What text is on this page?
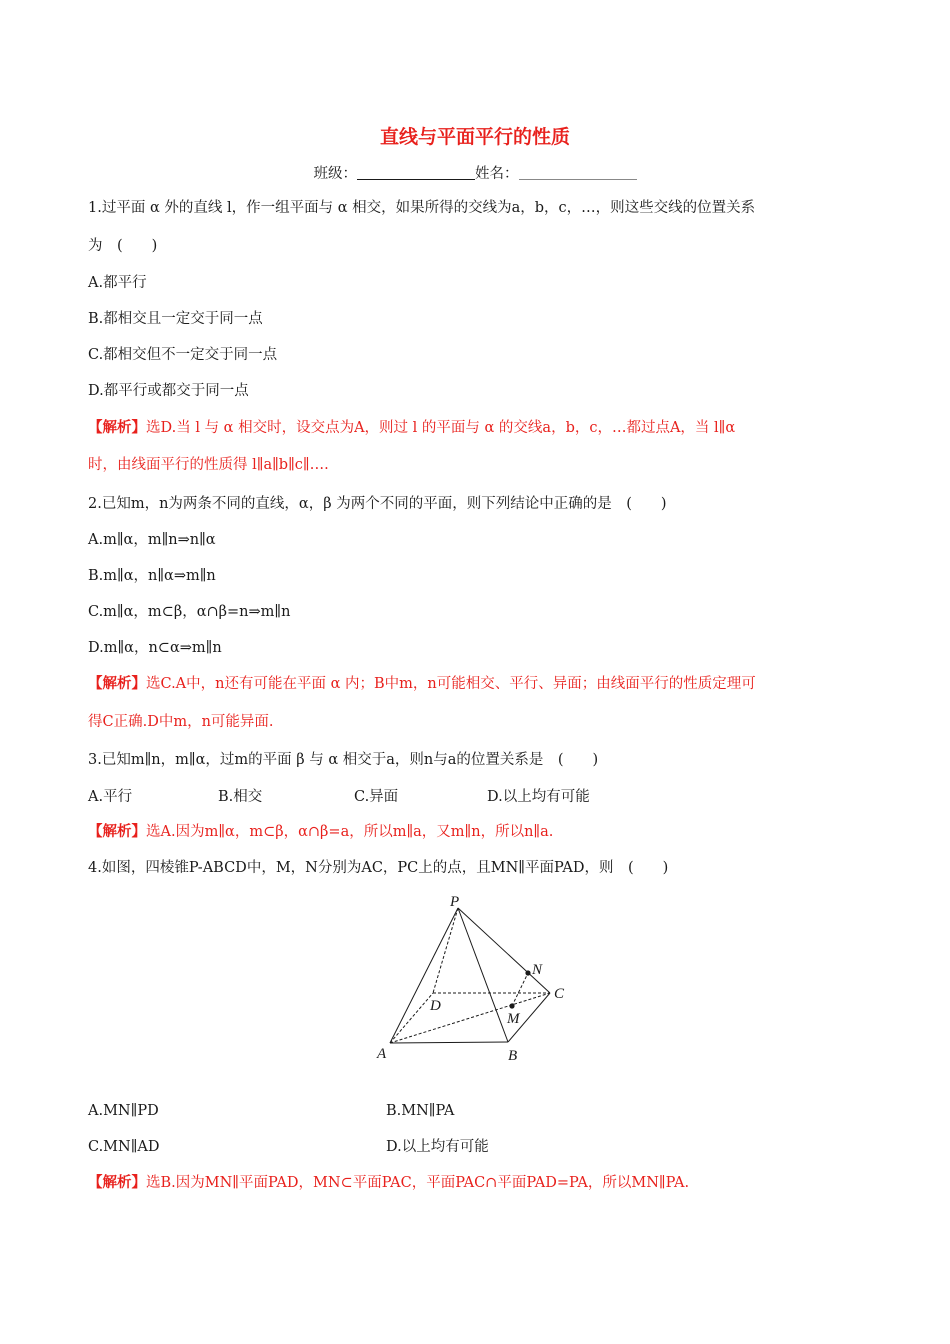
直线与平面平行的性质
班级：	姓名：
1.过平面 α 外的直线 l，作一组平面与 α 相交，如果所得的交线为a，b，c，…，则这些交线的位置关系
为　(　　)
A.都平行
B.都相交且一定交于同一点
C.都相交但不一定交于同一点
D.都平行或都交于同一点
【解析】选D.当 l 与 α 相交时，设交点为A，则过 l 的平面与 α 的交线a，b，c，…都过点A，当 l∥α
时，由线面平行的性质得 l∥a∥b∥c∥….
2.已知m，n为两条不同的直线，α，β 为两个不同的平面，则下列结论中正确的是　(　　)
A.m∥α，m∥n⇒n∥α
B.m∥α，n∥α⇒m∥n
C.m∥α，m⊂β，α∩β=n⇒m∥n
D.m∥α，n⊂α⇒m∥n
【解析】选C.A中，n还有可能在平面 α 内；B中m，n可能相交、平行、异面；由线面平行的性质定理可
得C正确.D中m，n可能异面.
3.已知m∥n，m∥α，过m的平面 β 与 α 相交于a，则n与a的位置关系是　(　　)
A.平行	B.相交	C.异面	D.以上均有可能
【解析】选A.因为m∥α，m⊂β，α∩β=a，所以m∥a，又m∥n，所以n∥a.
4.如图，四棱锥P-ABCD中，M，N分别为AC，PC上的点，且MN∥平面PAD，则　(　　)
P
N
C
D
M
A	B
A.MN∥PD	B.MN∥PA
C.MN∥AD	D.以上均有可能
【解析】选B.因为MN∥平面PAD，MN⊂平面PAC，平面PAC∩平面PAD=PA，所以MN∥PA.
